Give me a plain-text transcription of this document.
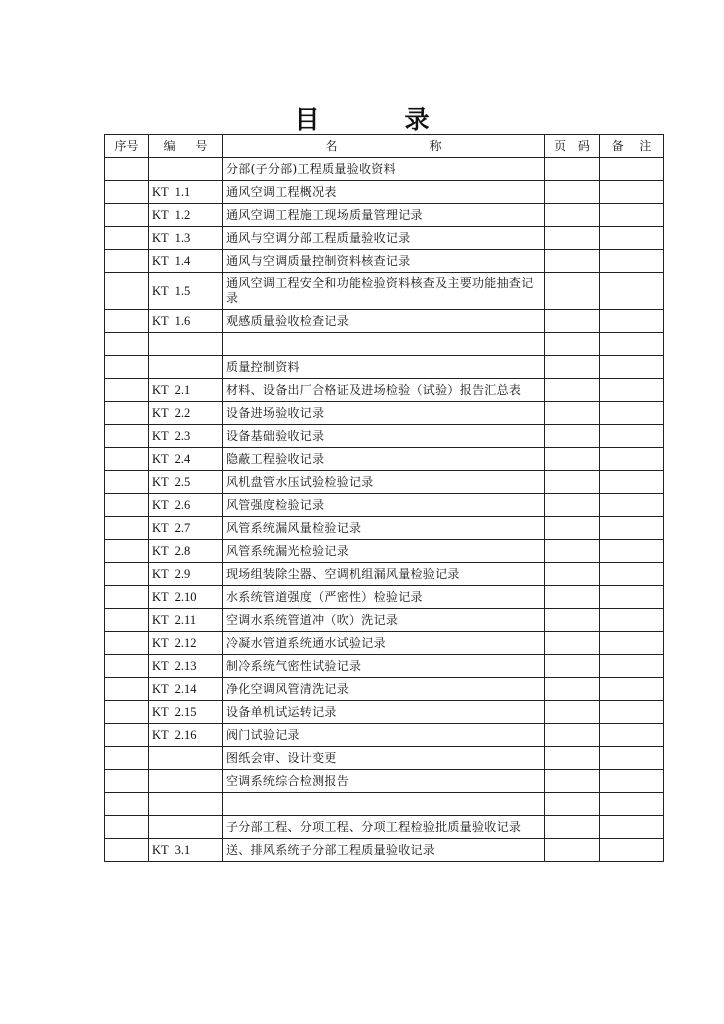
目　录
序号	编 号	名　称	页 码	备 注
		分部(子分部)工程质量验收资料		
	KT  1.1	通风空调工程概况表		
	KT  1.2	通风空调工程施工现场质量管理记录		
	KT  1.3	通风与空调分部工程质量验收记录		
	KT  1.4	通风与空调质量控制资料核查记录		
	KT  1.5	通风空调工程安全和功能检验资料核查及主要功能抽查记录		
	KT  1.6	观感质量验收检查记录		

		质量控制资料		
	KT  2.1	材料、设备出厂合格证及进场检验（试验）报告汇总表		
	KT  2.2	设备进场验收记录		
	KT  2.3	设备基础验收记录		
	KT  2.4	隐蔽工程验收记录		
	KT  2.5	风机盘管水压试验检验记录		
	KT  2.6	风管强度检验记录		
	KT  2.7	风管系统漏风量检验记录		
	KT  2.8	风管系统漏光检验记录		
	KT  2.9	现场组装除尘器、空调机组漏风量检验记录		
	KT  2.10	水系统管道强度（严密性）检验记录		
	KT  2.11	空调水系统管道冲（吹）洗记录		
	KT  2.12	冷凝水管道系统通水试验记录		
	KT  2.13	制冷系统气密性试验记录		
	KT  2.14	净化空调风管清洗记录		
	KT  2.15	设备单机试运转记录		
	KT  2.16	阀门试验记录		
		图纸会审、设计变更		
		空调系统综合检测报告		

		子分部工程、分项工程、分项工程检验批质量验收记录		
	KT  3.1	送、排风系统子分部工程质量验收记录		
